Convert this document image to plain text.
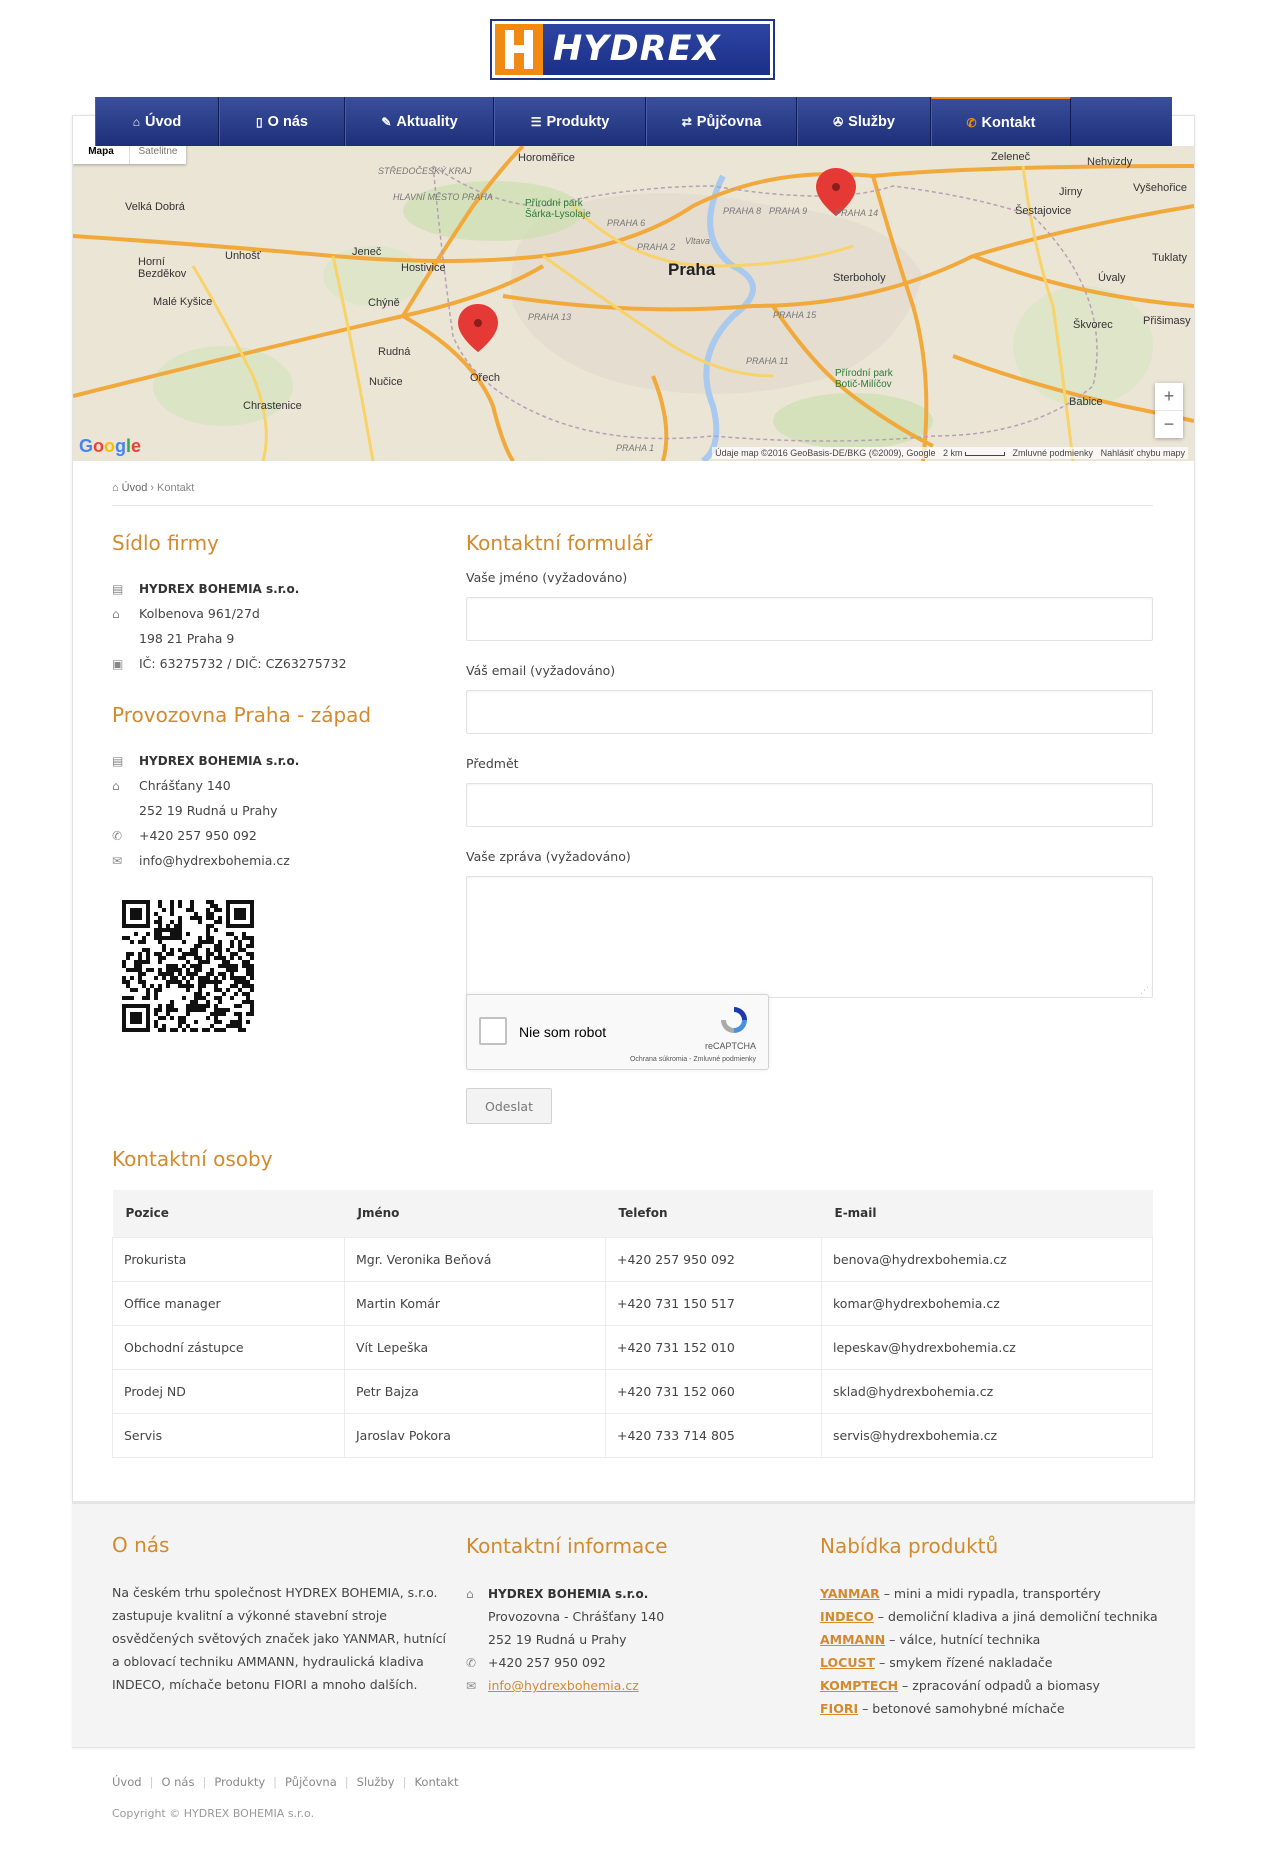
HYDREX
⌂ Úvod	▯ O nás	✎ Aktuality	☰ Produkty	⇄ Půjčovna	✇ Služby	✆ Kontakt
Mapa	Satelitne
Horoměřice	Zeleneč	Nehvizdy
Vyšehořice
Velká Dobrá	Přírodní park Šárka-Lysolaje
Jirny
Šestajovice
Praha
Horní Bezděkov
Unhošť	Jeneč
Hostivice
Sterboholy
Tuklaty
Úvaly
Malé Kyšice	Chýně
Přišimasy
Škvorec
Rudná
Nučice	Ořech	Přírodní park Botič-Milíčov
Chrastenice	Babice
Vltava
STŘEDOČESKÝ KRAJ
HLAVNÍ MĚSTO PRAHA
PRAHA 6
PRAHA 8 PRAHA 9	PRAHA 14
PRAHA 2
PRAHA 13	PRAHA 15
PRAHA 11
PRAHA 1
Google
+
−
Údaje map ©2016 GeoBasis-DE/BKG (©2009), Google 2 km	Zmluvné podmienky Nahlásiť chybu mapy
⌂ Úvod › Kontakt
Sídlo firmy
▤	HYDREX BOHEMIA s.r.o.
⌂	Kolbenova 961/27d
198 21 Praha 9
▣	IČ: 63275732 / DIČ: CZ63275732
Provozovna Praha - západ
▤	HYDREX BOHEMIA s.r.o.
⌂	Chrášťany 140
252 19 Rudná u Prahy
✆	+420 257 950 092
✉	info@hydrexbohemia.cz
Kontaktní formulář
Vaše jméno (vyžadováno)
Váš email (vyžadováno)
Předmět
Vaše zpráva (vyžadováno)
⋰
Nie som robot
reCAPTCHA
Ochrana súkromia - Zmluvné podmienky
Odeslat
Kontaktní osoby
Pozice	Jméno	Telefon	E-mail
Prokurista	Mgr. Veronika Beňová	+420 257 950 092	benova@hydrexbohemia.cz
Office manager	Martin Komár	+420 731 150 517	komar@hydrexbohemia.cz
Obchodní zástupce	Vít Lepeška	+420 731 152 010	lepeskav@hydrexbohemia.cz
Prodej ND	Petr Bajza	+420 731 152 060	sklad@hydrexbohemia.cz
Servis	Jaroslav Pokora	+420 733 714 805	servis@hydrexbohemia.cz
O nás

Na českém trhu společnost HYDREX BOHEMIA, s.r.o. zastupuje kvalitní a výkonné stavební stroje osvědčených světových značek jako YANMAR, hutnící a oblovací techniku AMMANN, hydraulická kladiva INDECO, míchače betonu FIORI a mnoho dalších.

Kontaktní informace
⌂	HYDREX BOHEMIA s.r.o.
Provozovna - Chrášťany 140
252 19 Rudná u Prahy
✆ +420 257 950 092
✉ info@hydrexbohemia.cz
Nabídka produktů
YANMAR – mini a midi rypadla, transportéry
INDECO – demoliční kladiva a jiná demoliční technika
AMMANN – válce, hutnící technika
LOCUST – smykem řízené nakladače
KOMPTECH – zpracování odpadů a biomasy
FIORI – betonové samohybné míchače
Úvod | O nás | Produkty | Půjčovna | Služby | Kontakt
Copyright © HYDREX BOHEMIA s.r.o.
